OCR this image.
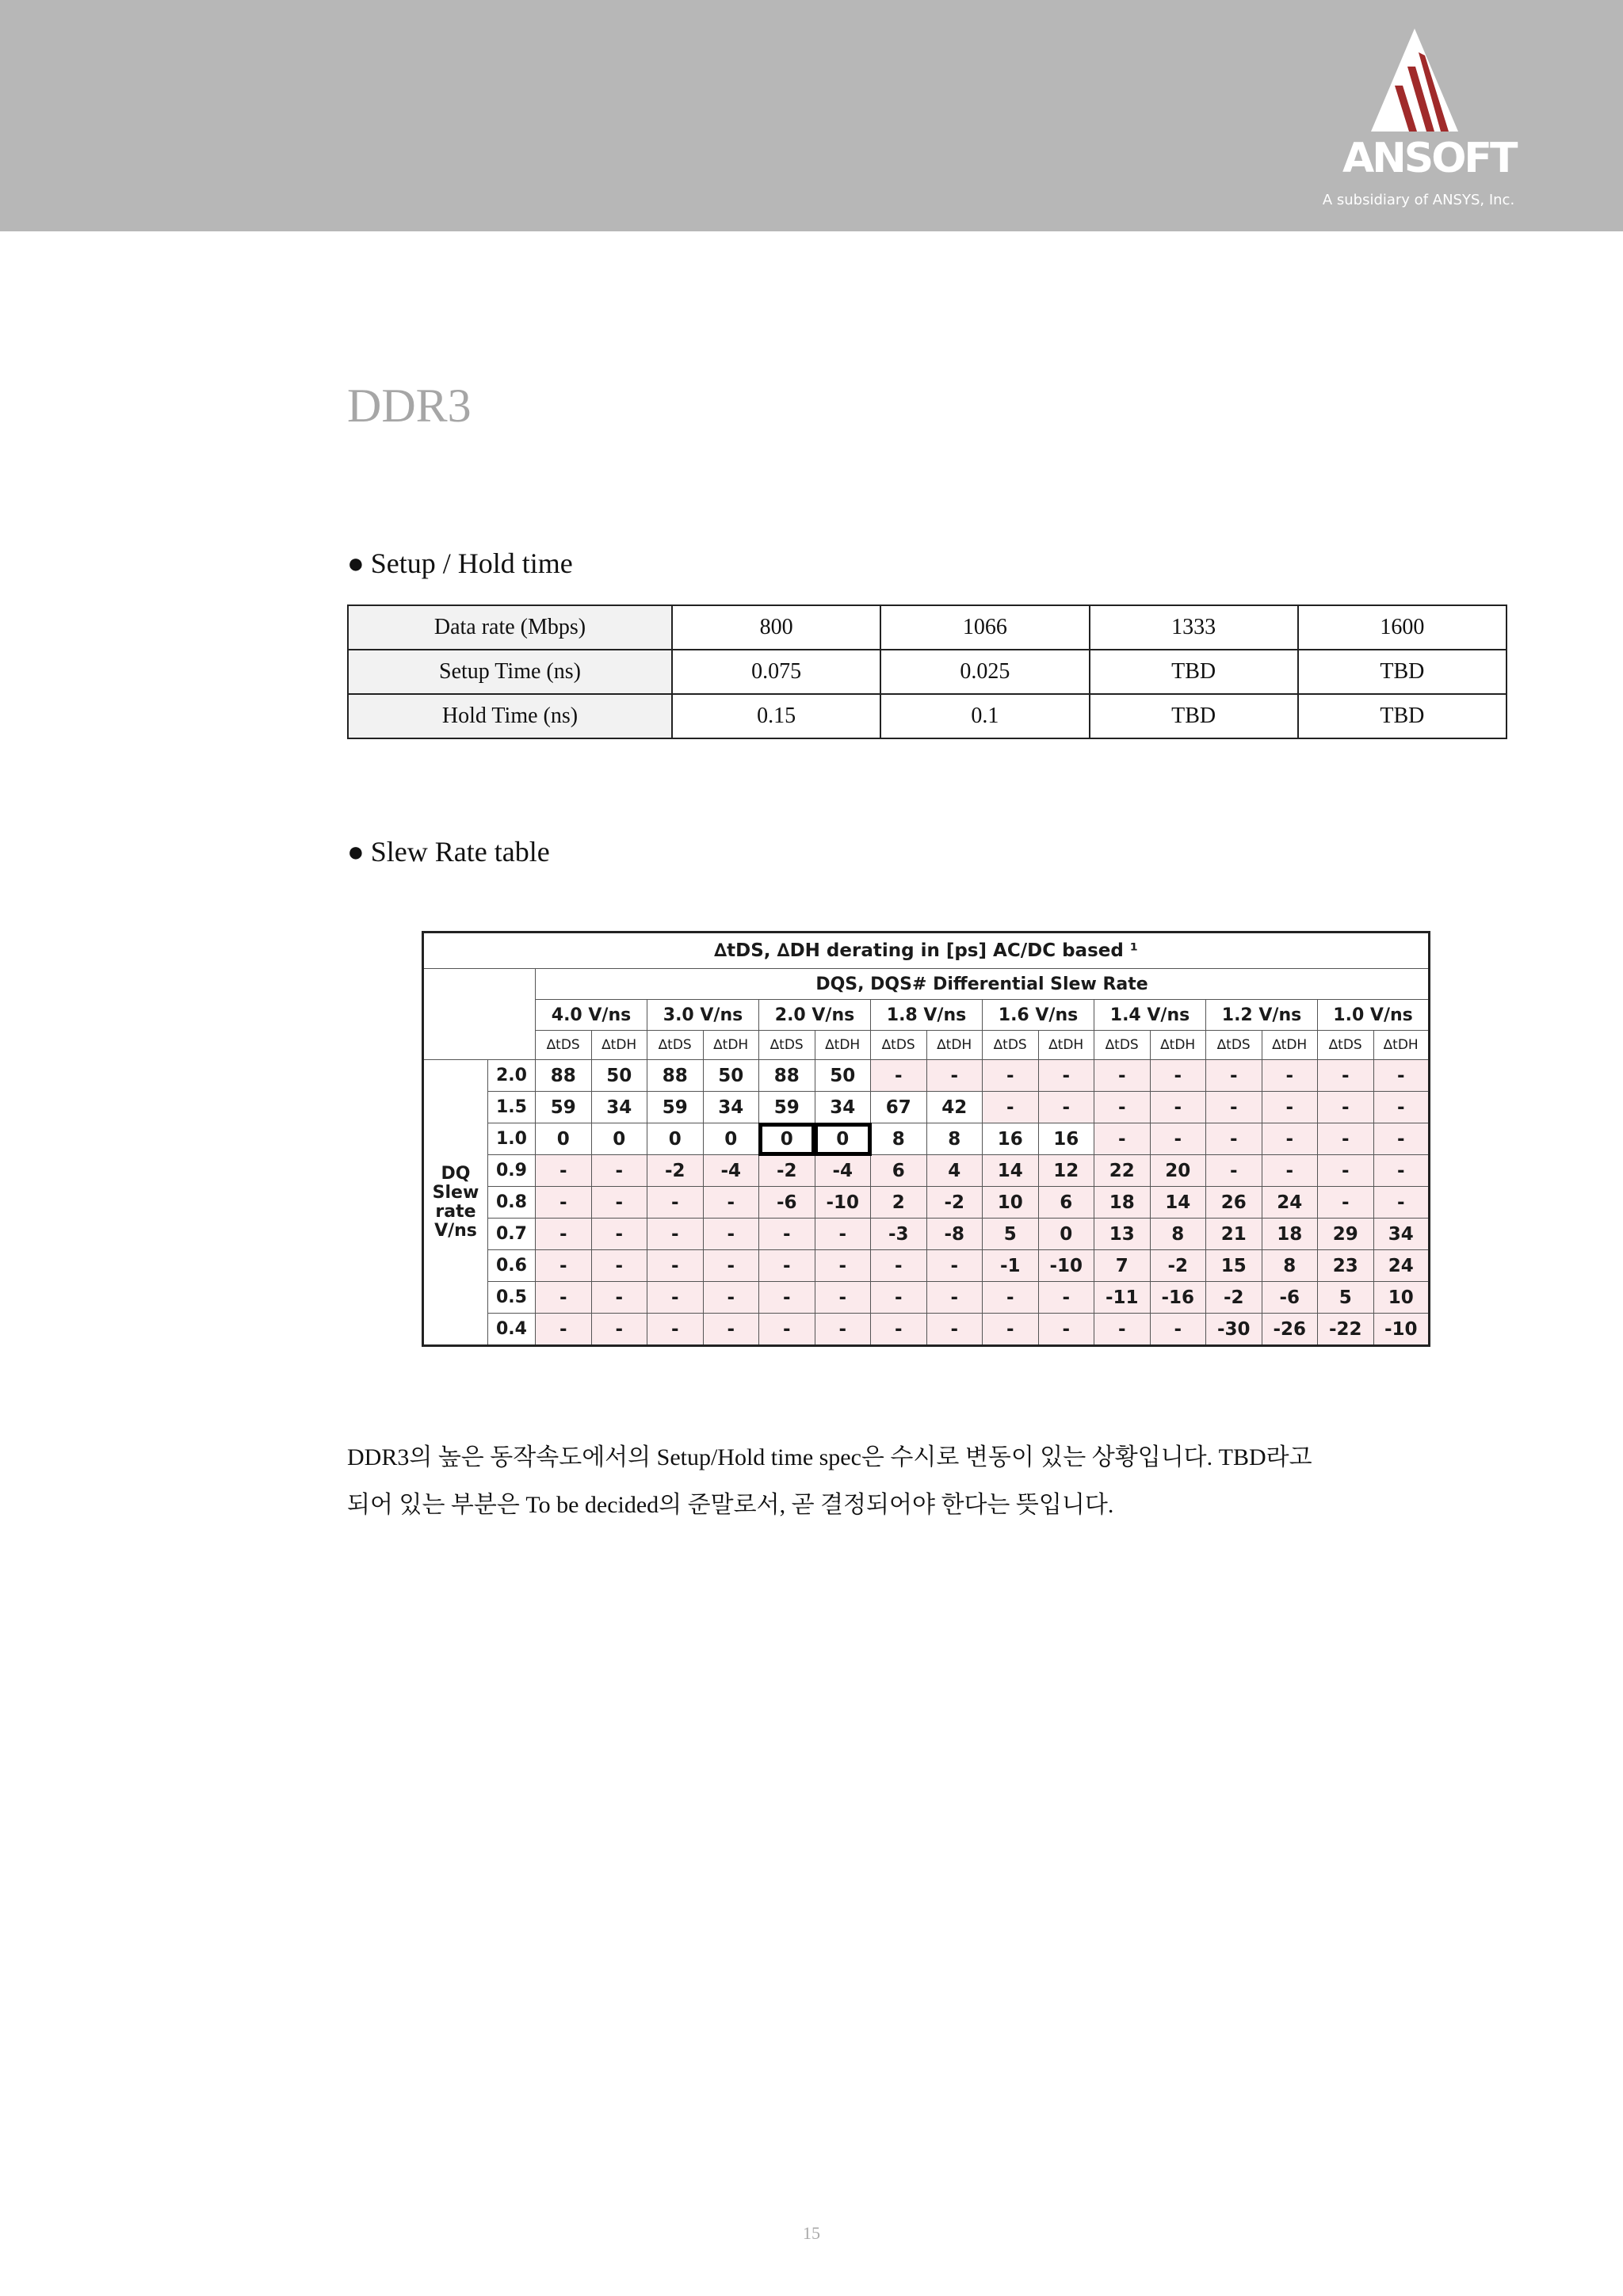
ANSOFT
A subsidiary of ANSYS, Inc.
DDR3
● Setup / Hold time
Data rate (Mbps)	800	1066	1333	1600
Setup Time (ns)	0.075	0.025	TBD	TBD
Hold Time (ns)	0.15	0.1	TBD	TBD
● Slew Rate table
∆tDS, ∆DH derating in [ps] AC/DC based ¹																	
		DQS, DQS# Differential Slew Rate															
		4.0 V/ns		3.0 V/ns		2.0 V/ns		1.8 V/ns		1.6 V/ns		1.4 V/ns		1.2 V/ns		1.0 V/ns	
		∆tDS	∆tDH	∆tDS	∆tDH	∆tDS	∆tDH	∆tDS	∆tDH	∆tDS	∆tDH	∆tDS	∆tDH	∆tDS	∆tDH	∆tDS	∆tDH
DQ
Slew
rate
V/ns	2.0	88	50	88	50	88	50	-	-	-	-	-	-	-	-	-	-
	1.5	59	34	59	34	59	34	67	42	-	-	-	-	-	-	-	-
	1.0	0	0	0	0	0	0	8	8	16	16	-	-	-	-	-	-
	0.9	-	-	-2	-4	-2	-4	6	4	14	12	22	20	-	-	-	-
	0.8	-	-	-	-	-6	-10	2	-2	10	6	18	14	26	24	-	-
	0.7	-	-	-	-	-	-	-3	-8	5	0	13	8	21	18	29	34
	0.6	-	-	-	-	-	-	-	-	-1	-10	7	-2	15	8	23	24
	0.5	-	-	-	-	-	-	-	-	-	-	-11	-16	-2	-6	5	10
	0.4	-	-	-	-	-	-	-	-	-	-	-	-	-30	-26	-22	-10

DDR3의 높은 동작속도에서의 Setup/Hold time spec은 수시로 변동이 있는 상황입니다. TBD라고

되어 있는 부분은 To be decided의 준말로서, 곧 결정되어야 한다는 뜻입니다.

15
